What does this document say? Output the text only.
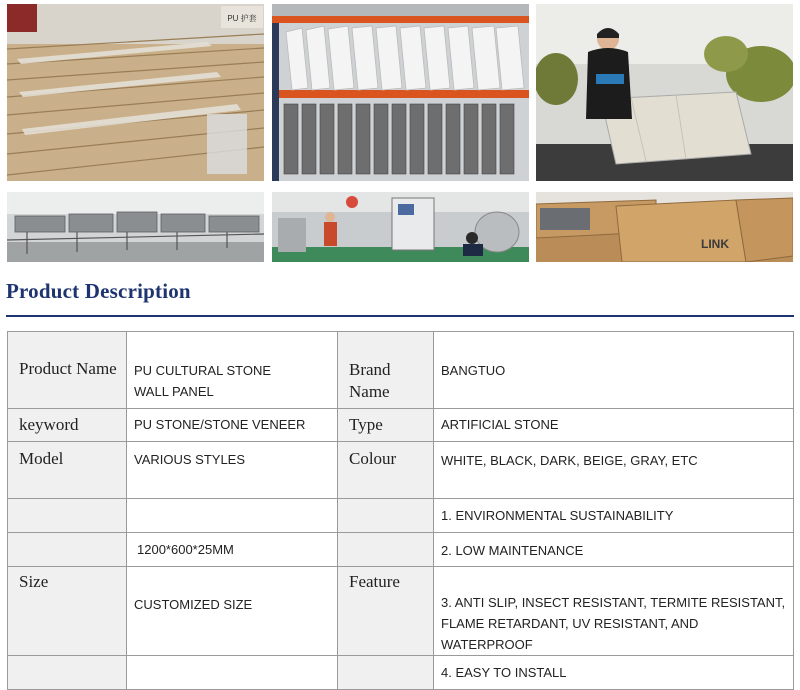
PU 护套
LINK
Product Description
Product Name	PU CULTURAL STONE WALL PANEL	Brand Name	BANGTUO

keyword	PU STONE/STONE VENEER	Type	ARTIFICIAL STONE

Model	VARIOUS STYLES	Colour	WHITE, BLACK, DARK, BEIGE, GRAY, ETC

			1. ENVIRONMENTAL SUSTAINABILITY

	1200*600*25MM		2. LOW MAINTENANCE

Size	CUSTOMIZED SIZE	Feature	3. ANTI SLIP, INSECT RESISTANT, TERMITE RESISTANT, FLAME RETARDANT, UV RESISTANT, AND WATERPROOF

			4. EASY TO INSTALL
